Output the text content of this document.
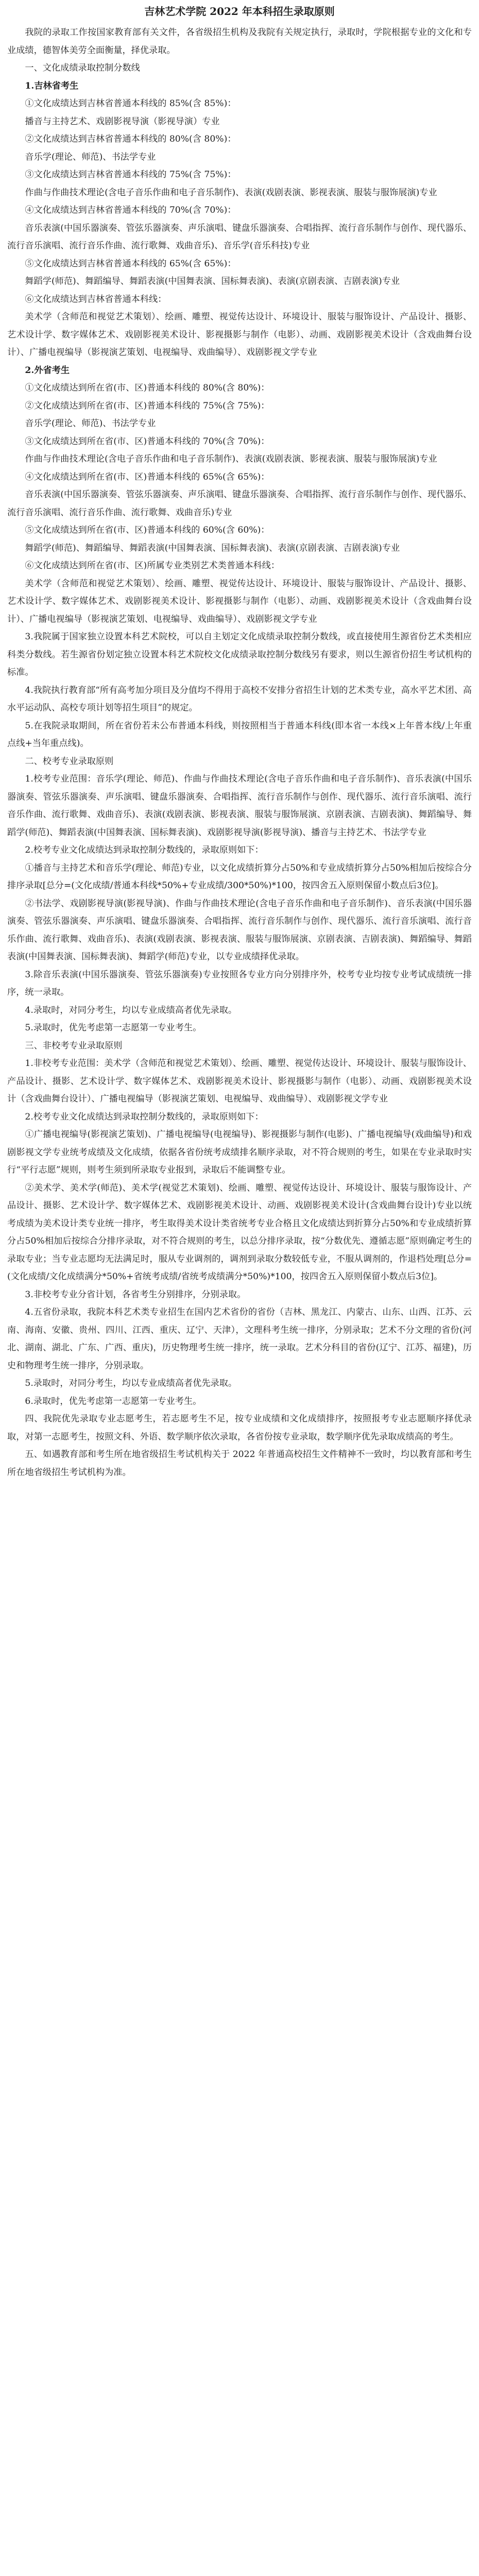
吉林艺术学院 2022 年本科招生录取原则

我院的录取工作按国家教育部有关文件，各省级招生机构及我院有关规定执行，录取时，学院根据专业的文化和专业成绩，德智体美劳全面衡量，择优录取。

一、文化成绩录取控制分数线

1.吉林省考生

①文化成绩达到吉林省普通本科线的 85%(含 85%)：

播音与主持艺术、戏剧影视导演（影视导演）专业

②文化成绩达到吉林省普通本科线的 80%(含 80%)：

音乐学(理论、师范)、书法学专业

③文化成绩达到吉林省普通本科线的 75%(含 75%)：

作曲与作曲技术理论(含电子音乐作曲和电子音乐制作)、表演(戏剧表演、影视表演、服装与服饰展演)专业

④文化成绩达到吉林省普通本科线的 70%(含 70%)：

音乐表演(中国乐器演奏、管弦乐器演奏、声乐演唱、键盘乐器演奏、合唱指挥、流行音乐制作与创作、现代器乐、流行音乐演唱、流行音乐作曲、流行歌舞、戏曲音乐)、音乐学(音乐科技)专业

⑤文化成绩达到吉林省普通本科线的 65%(含 65%)：

舞蹈学(师范)、舞蹈编导、舞蹈表演(中国舞表演、国标舞表演)、表演(京剧表演、吉剧表演)专业

⑥文化成绩达到吉林省普通本科线：

美术学（含师范和视觉艺术策划）、绘画、雕塑、视觉传达设计、环境设计、服装与服饰设计、产品设计、摄影、艺术设计学、数字媒体艺术、戏剧影视美术设计、影视摄影与制作（电影）、动画、戏剧影视美术设计（含戏曲舞台设计）、广播电视编导（影视演艺策划、电视编导、戏曲编导）、戏剧影视文学专业

2.外省考生

①文化成绩达到所在省(市、区)普通本科线的 80%(含 80%)：

②文化成绩达到所在省(市、区)普通本科线的 75%(含 75%)：

音乐学(理论、师范)、书法学专业

③文化成绩达到所在省(市、区)普通本科线的 70%(含 70%)：

作曲与作曲技术理论(含电子音乐作曲和电子音乐制作)、表演(戏剧表演、影视表演、服装与服饰展演)专业

④文化成绩达到所在省(市、区)普通本科线的 65%(含 65%)：

音乐表演(中国乐器演奏、管弦乐器演奏、声乐演唱、键盘乐器演奏、合唱指挥、流行音乐制作与创作、现代器乐、流行音乐演唱、流行音乐作曲、流行歌舞、戏曲音乐)专业

⑤文化成绩达到所在省(市、区)普通本科线的 60%(含 60%)：

舞蹈学(师范)、舞蹈编导、舞蹈表演(中国舞表演、国标舞表演)、表演(京剧表演、吉剧表演)专业

⑥文化成绩达到所在省(市、区)所属专业类别艺术类普通本科线：

美术学（含师范和视觉艺术策划）、绘画、雕塑、视觉传达设计、环境设计、服装与服饰设计、产品设计、摄影、艺术设计学、数字媒体艺术、戏剧影视美术设计、影视摄影与制作（电影）、动画、戏剧影视美术设计（含戏曲舞台设计）、广播电视编导（影视演艺策划、电视编导、戏曲编导）、戏剧影视文学专业

3.我院属于国家独立设置本科艺术院校，可以自主划定文化成绩录取控制分数线，或直接使用生源省份艺术类相应科类分数线。若生源省份划定独立设置本科艺术院校文化成绩录取控制分数线另有要求，则以生源省份招生考试机构的标准。

4.我院执行教育部“所有高考加分项目及分值均不得用于高校不安排分省招生计划的艺术类专业，高水平艺术团、高水平运动队、高校专项计划等招生项目”的规定。

5.在我院录取期间，所在省份若未公布普通本科线，则按照相当于普通本科线(即本省一本线×上年普本线/上年重点线+当年重点线)。

二、校考专业录取原则

1.校考专业范围：音乐学(理论、师范)、作曲与作曲技术理论(含电子音乐作曲和电子音乐制作)、音乐表演(中国乐器演奏、管弦乐器演奏、声乐演唱、键盘乐器演奏、合唱指挥、流行音乐制作与创作、现代器乐、流行音乐演唱、流行音乐作曲、流行歌舞、戏曲音乐)、表演(戏剧表演、影视表演、服装与服饰展演、京剧表演、吉剧表演)、舞蹈编导、舞蹈学(师范)、舞蹈表演(中国舞表演、国标舞表演)、戏剧影视导演(影视导演)、播音与主持艺术、书法学专业

2.校考专业文化成绩达到录取控制分数线的，录取原则如下：

①播音与主持艺术和音乐学(理论、师范)专业，以文化成绩折算分占50%和专业成绩折算分占50%相加后按综合分排序录取[总分=(文化成绩/普通本科线*50%+专业成绩/300*50%)*100，按四舍五入原则保留小数点后3位]。

②书法学、戏剧影视导演(影视导演)、作曲与作曲技术理论(含电子音乐作曲和电子音乐制作)、音乐表演(中国乐器演奏、管弦乐器演奏、声乐演唱、键盘乐器演奏、合唱指挥、流行音乐制作与创作、现代器乐、流行音乐演唱、流行音乐作曲、流行歌舞、戏曲音乐)、表演(戏剧表演、影视表演、服装与服饰展演、京剧表演、吉剧表演)、舞蹈编导、舞蹈表演(中国舞表演、国标舞表演)、舞蹈学(师范)专业，以专业成绩择优录取。

3.除音乐表演(中国乐器演奏、管弦乐器演奏)专业按照各专业方向分别排序外，校考专业均按专业考试成绩统一排序，统一录取。

4.录取时，对同分考生，均以专业成绩高者优先录取。

5.录取时，优先考虑第一志愿第一专业考生。

三、非校考专业录取原则

1.非校考专业范围：美术学（含师范和视觉艺术策划）、绘画、雕塑、视觉传达设计、环境设计、服装与服饰设计、产品设计、摄影、艺术设计学、数字媒体艺术、戏剧影视美术设计、影视摄影与制作（电影）、动画、戏剧影视美术设计（含戏曲舞台设计）、广播电视编导（影视演艺策划、电视编导、戏曲编导）、戏剧影视文学专业

2.校考专业文化成绩达到录取控制分数线的，录取原则如下：

①广播电视编导(影视演艺策划)、广播电视编导(电视编导)、影视摄影与制作(电影)、广播电视编导(戏曲编导)和戏剧影视文学专业统考成绩及文化成绩，依据各省份统考成绩排名顺序录取，对不符合规则的考生，如果在专业录取时实行“平行志愿”规则，则考生须到所录取专业报到，录取后不能调整专业。

②美术学、美术学(师范)、美术学(视觉艺术策划)、绘画、雕塑、视觉传达设计、环境设计、服装与服饰设计、产品设计、摄影、艺术设计学、数字媒体艺术、戏剧影视美术设计、动画、戏剧影视美术设计(含戏曲舞台设计)专业以统考成绩为美术设计类专业统一排序，考生取得美术设计类省统考专业合格且文化成绩达到折算分占50%和专业成绩折算分占50%相加后按综合分排序录取，对不符合规则的考生，以总分排序录取，按“分数优先、遵循志愿”原则确定考生的录取专业；当专业志愿均无法满足时，服从专业调剂的，调剂到录取分数较低专业，不服从调剂的，作退档处理[总分=(文化成绩/文化成绩满分*50%+省统考成绩/省统考成绩满分*50%)*100，按四舍五入原则保留小数点后3位]。

3.非校考专业分省计划，各省考生分别排序，分别录取。

4.五省份录取，我院本科艺术类专业招生在国内艺术省份的省份（吉林、黑龙江、内蒙古、山东、山西、江苏、云南、海南、安徽、贵州、四川、江西、重庆、辽宁、天津），文理科考生统一排序，分别录取；艺术不分文理的省份(河北、湖南、湖北、广东、广西、重庆)，历史物理考生统一排序，统一录取。艺术分科目的省份(辽宁、江苏、福建)，历史和物理考生统一排序，分别录取。

5.录取时，对同分考生，均以专业成绩高者优先录取。

6.录取时，优先考虑第一志愿第一专业考生。

四、我院优先录取专业志愿考生，若志愿考生不足，按专业成绩和文化成绩排序，按照报考专业志愿顺序择优录取，对第一志愿考生，按照文科、外语、数学顺序依次录取，各省份按专业录取，数学顺序优先录取成绩高的考生。

五、如遇教育部和考生所在地省级招生考试机构关于 2022 年普通高校招生文件精神不一致时，均以教育部和考生所在地省级招生考试机构为准。
